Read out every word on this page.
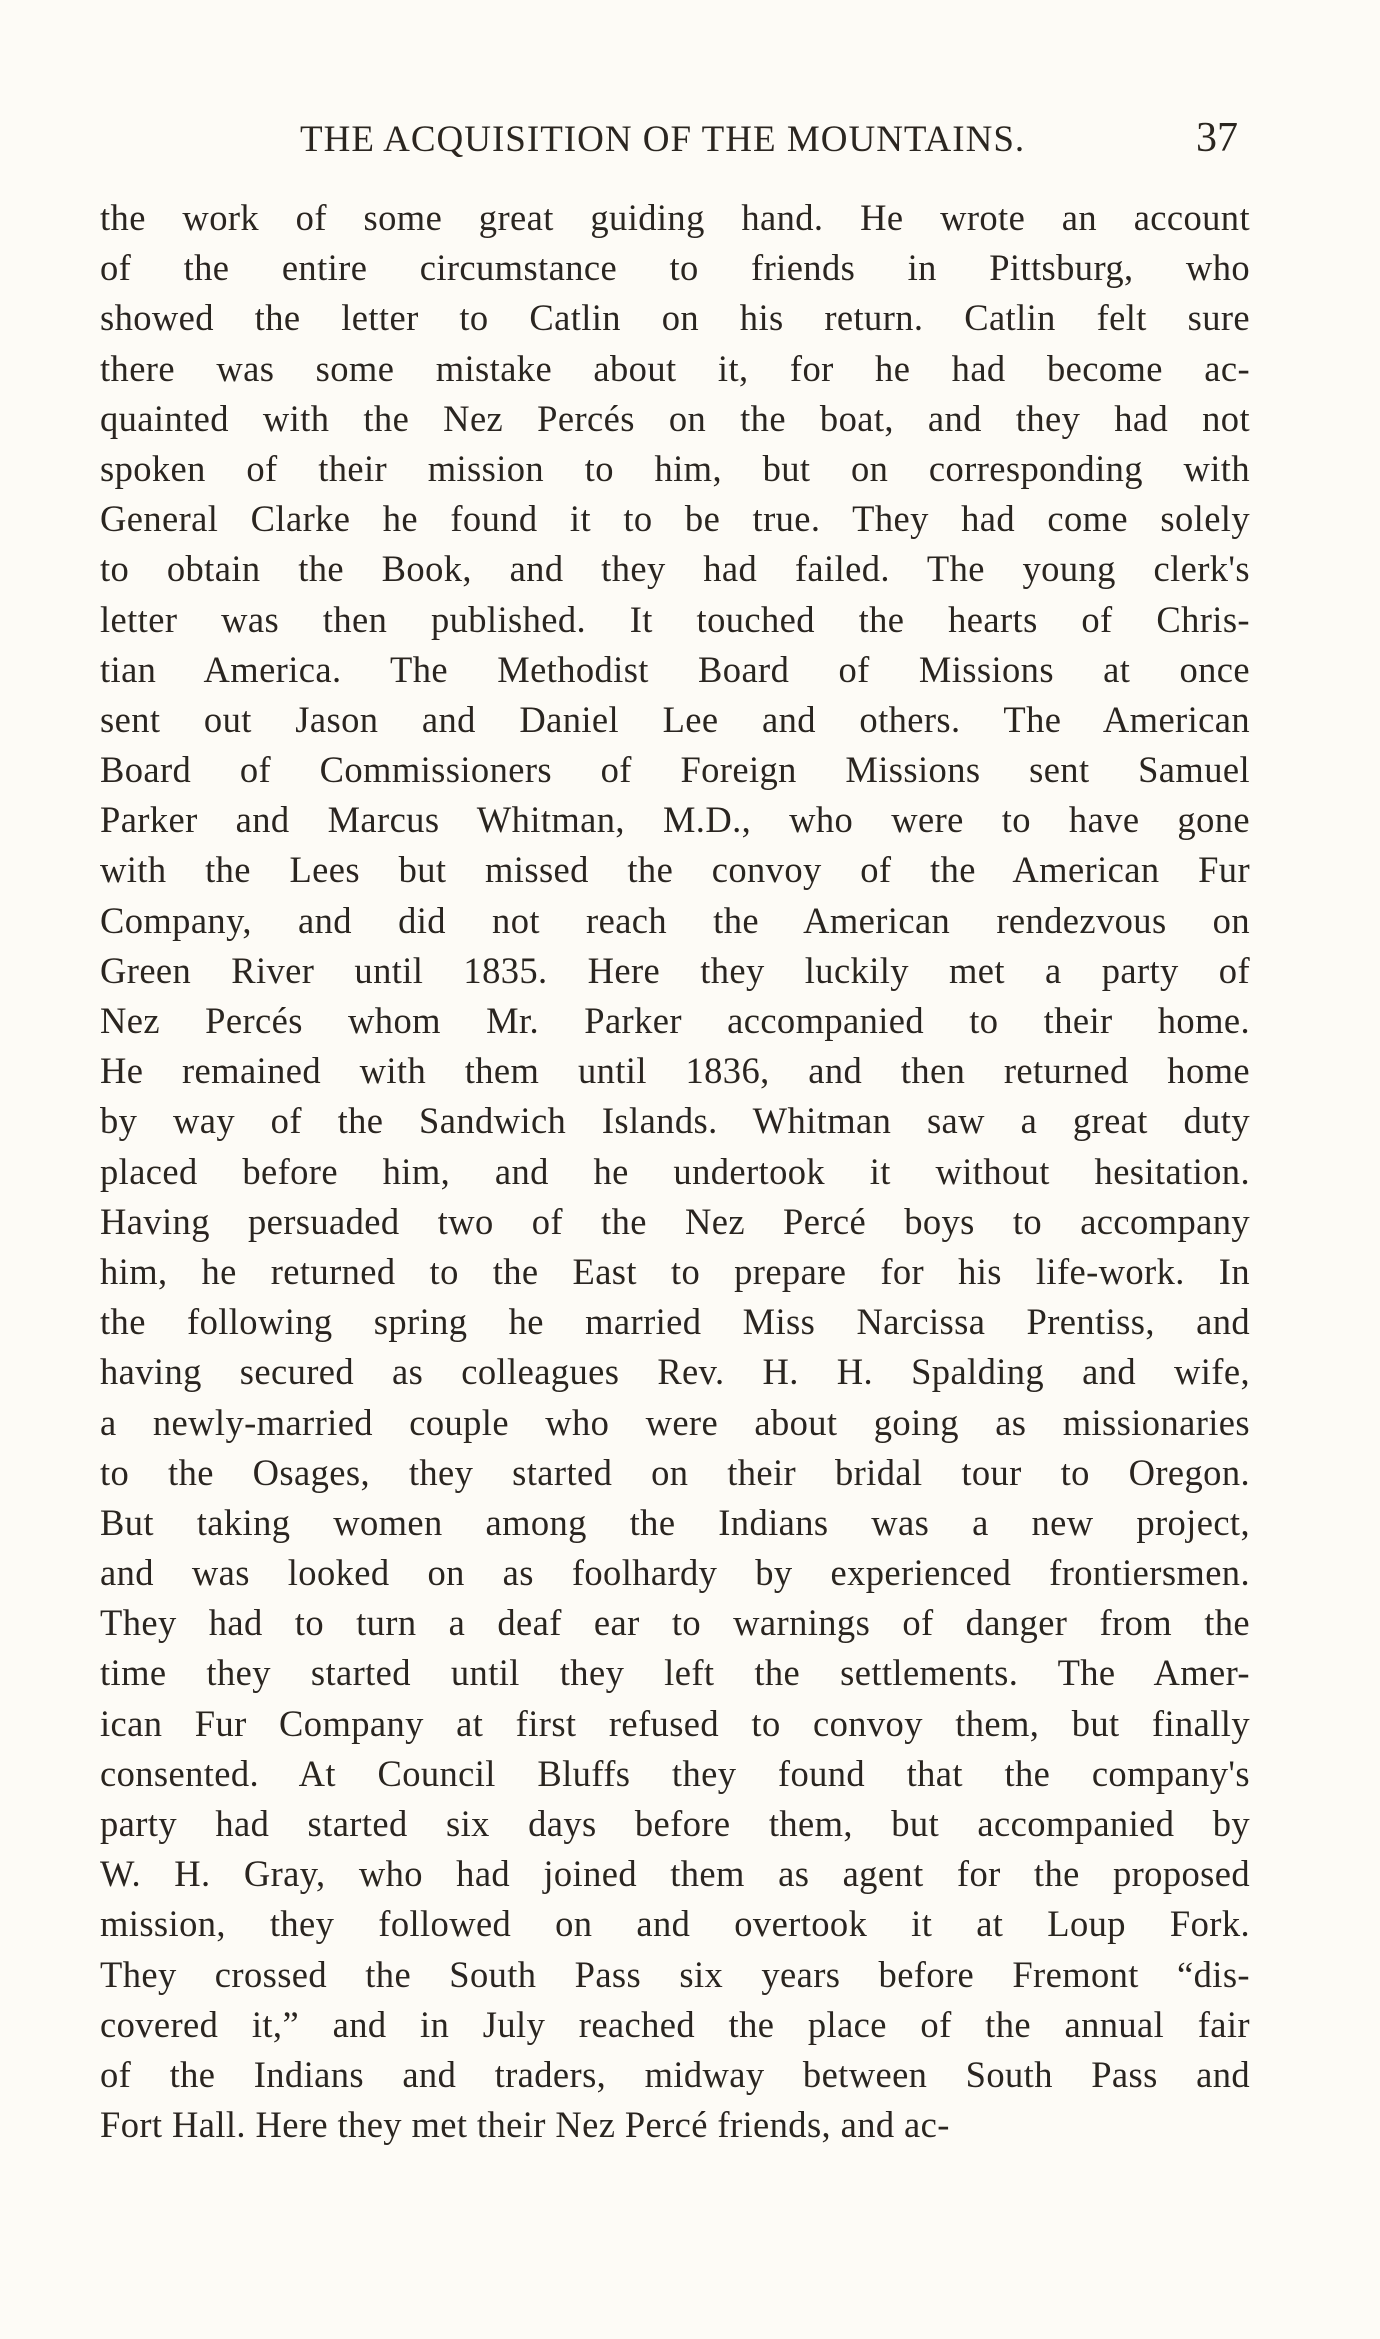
THE ACQUISITION OF THE MOUNTAINS.	37
the work of some great guiding hand. He wrote an account
of the entire circumstance to friends in Pittsburg, who
showed the letter to Catlin on his return. Catlin felt sure
there was some mistake about it, for he had become ac-
quainted with the Nez Percés on the boat, and they had not
spoken of their mission to him, but on corresponding with
General Clarke he found it to be true. They had come solely
to obtain the Book, and they had failed. The young clerk's
letter was then published. It touched the hearts of Chris-
tian America. The Methodist Board of Missions at once
sent out Jason and Daniel Lee and others. The American
Board of Commissioners of Foreign Missions sent Samuel
Parker and Marcus Whitman, M.D., who were to have gone
with the Lees but missed the convoy of the American Fur
Company, and did not reach the American rendezvous on
Green River until 1835. Here they luckily met a party of
Nez Percés whom Mr. Parker accompanied to their home.
He remained with them until 1836, and then returned home
by way of the Sandwich Islands. Whitman saw a great duty
placed before him, and he undertook it without hesitation.
Having persuaded two of the Nez Percé boys to accompany
him, he returned to the East to prepare for his life-work. In
the following spring he married Miss Narcissa Prentiss, and
having secured as colleagues Rev. H. H. Spalding and wife,
a newly-married couple who were about going as missionaries
to the Osages, they started on their bridal tour to Oregon.
But taking women among the Indians was a new project,
and was looked on as foolhardy by experienced frontiersmen.
They had to turn a deaf ear to warnings of danger from the
time they started until they left the settlements. The Amer-
ican Fur Company at first refused to convoy them, but finally
consented. At Council Bluffs they found that the company's
party had started six days before them, but accompanied by
W. H. Gray, who had joined them as agent for the proposed
mission, they followed on and overtook it at Loup Fork.
They crossed the South Pass six years before Fremont “dis-
covered it,” and in July reached the place of the annual fair
of the Indians and traders, midway between South Pass and
Fort Hall. Here they met their Nez Percé friends, and ac-
